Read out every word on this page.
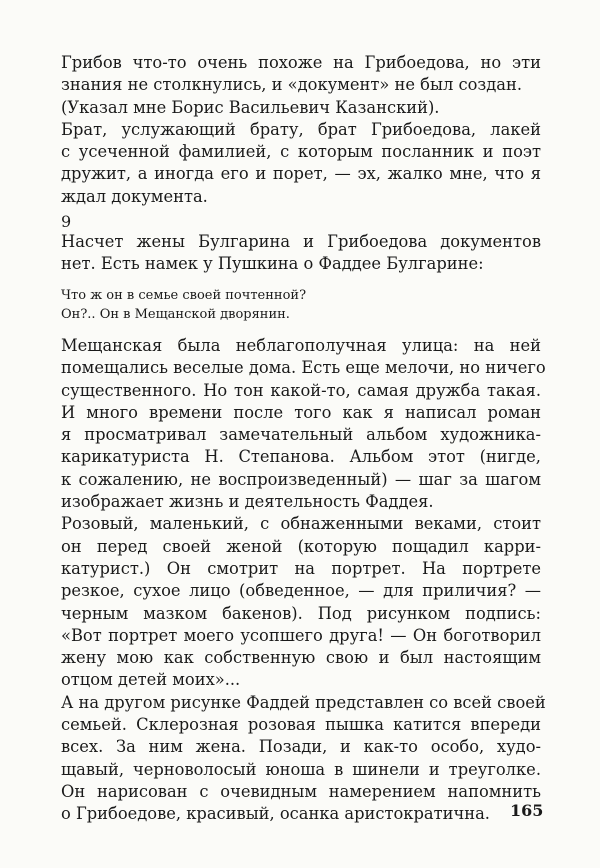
Грибов что-то очень похоже на Грибоедова, но эти
знания не столкнулись, и «документ» не был создан.
(Указал мне Борис Васильевич Казанский).
Брат, услужающий брату, брат Грибоедова, лакей
с усеченной фамилией, с которым посланник и поэт
дружит, а иногда его и порет, — эх, жалко мне, что я
ждал документа.
9
Насчет жены Булгарина и Грибоедова документов
нет. Есть намек у Пушкина о Фаддее Булгарине:
Что ж он в семье своей почтенной?
Он?.. Он в Мещанской дворянин.
Мещанская была неблагополучная улица: на ней
помещались веселые дома. Есть еще мелочи, но ничего
существенного. Но тон какой-то, самая дружба такая.
И много времени после того как я написал роман
я просматривал замечательный альбом художника-
карикатуриста Н. Степанова. Альбом этот (нигде,
к сожалению, не воспроизведенный) — шаг за шагом
изображает жизнь и деятельность Фаддея.
Розовый, маленький, с обнаженными веками, стоит
он перед своей женой (которую пощадил карри-
катурист.) Он смотрит на портрет. На портрете
резкое, сухое лицо (обведенное, — для приличия? —
черным мазком бакенов). Под рисунком подпись:
«Вот портрет моего усопшего друга! — Он боготворил
жену мою как собственную свою и был настоящим
отцом детей моих»...
А на другом рисунке Фаддей представлен со всей своей
семьей. Склерозная розовая пышка катится впереди
всех. За ним жена. Позади, и как-то особо, худо-
щавый, черноволосый юноша в шинели и треуголке.
Он нарисован с очевидным намерением напомнить
о Грибоедове, красивый, осанка аристократична.	165
